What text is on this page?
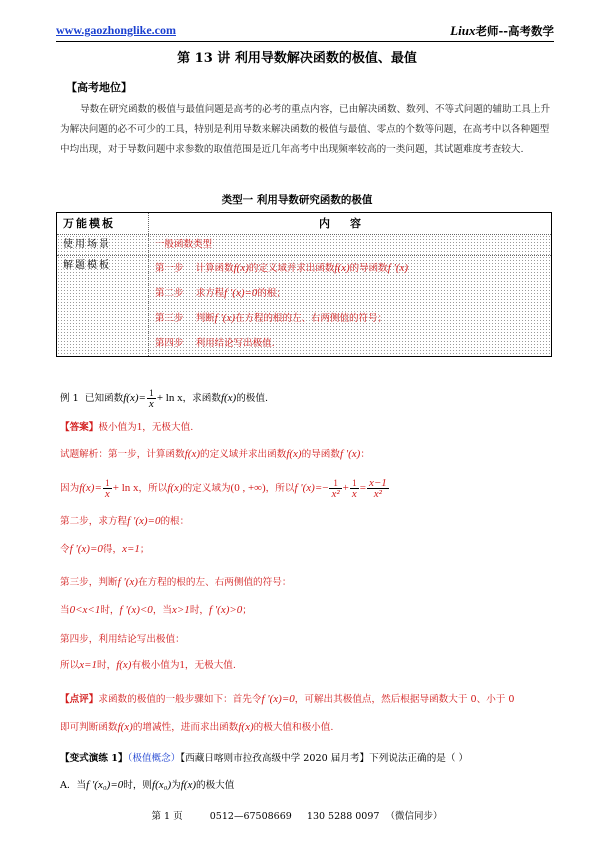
www.gaozhonglike.com	Liux老师--高考数学
第 13 讲 利用导数解决函数的极值、最值
【高考地位】
导数在研究函数的极值与最值问题是高考的必考的重点内容，已由解决函数、数列、不等式问题的辅助工具上升为解决问题的必不可少的工具，特别是利用导数来解决函数的极值与最值、零点的个数等问题，在高考中以各种题型中均出现，对于导数问题中求参数的取值范围是近几年高考中出现频率较高的一类问题，其试题难度考查较大.
类型一 利用导数研究函数的极值
万能模板	内容
使用场景	一般函数类型
解题模板	第一步 计算函数f(x)的定义域并求出函数f(x)的导函数f '(x)
第二步 求方程f '(x)=0的根；
第三步 判断f '(x)在方程的根的左、右两侧值的符号；
第四步 利用结论写出极值.
例 1 已知函数$f(x)= \frac{1}{x} + \ln x$，求函数f(x)的极值.
【答案】极小值为1，无极大值.
试题解析：第一步，计算函数f(x)的定义域并求出函数f(x)的导函数f '(x)：
因为$f(x)= \frac{1}{x} + \ln x$，所以f(x)的定义域为(0 , +∞)，所以f '$(x)=- \frac{1}{\text{x²}} + \frac{1}{x} = \frac{x-1}{\text{x²}}$
第二步，求方程f '(x)=0的根：
令f '(x)=0得，x=1；
第三步，判断f '(x)在方程的根的左、右两侧值的符号：
当0<x<1时，f '(x)<0，当x>1时，f '(x)>0；
第四步，利用结论写出极值：
所以x=1时，f(x)有极小值为1，无极大值.
【点评】求函数的极值的一般步骤如下：首先令f '(x)=0，可解出其极值点，然后根据导函数大于 0、小于 0
即可判断函数f(x)的增减性，进而求出函数f(x)的极大值和极小值.
【变式演练 1】（极值概念）【西藏日喀则市拉孜高级中学 2020 届月考】下列说法正确的是（ ）
A．当f '(x₀)=0时，则f(x₀)为f(x)的极大值
第 1 页	0512—67508669 130 5288 0097 （微信同步）
